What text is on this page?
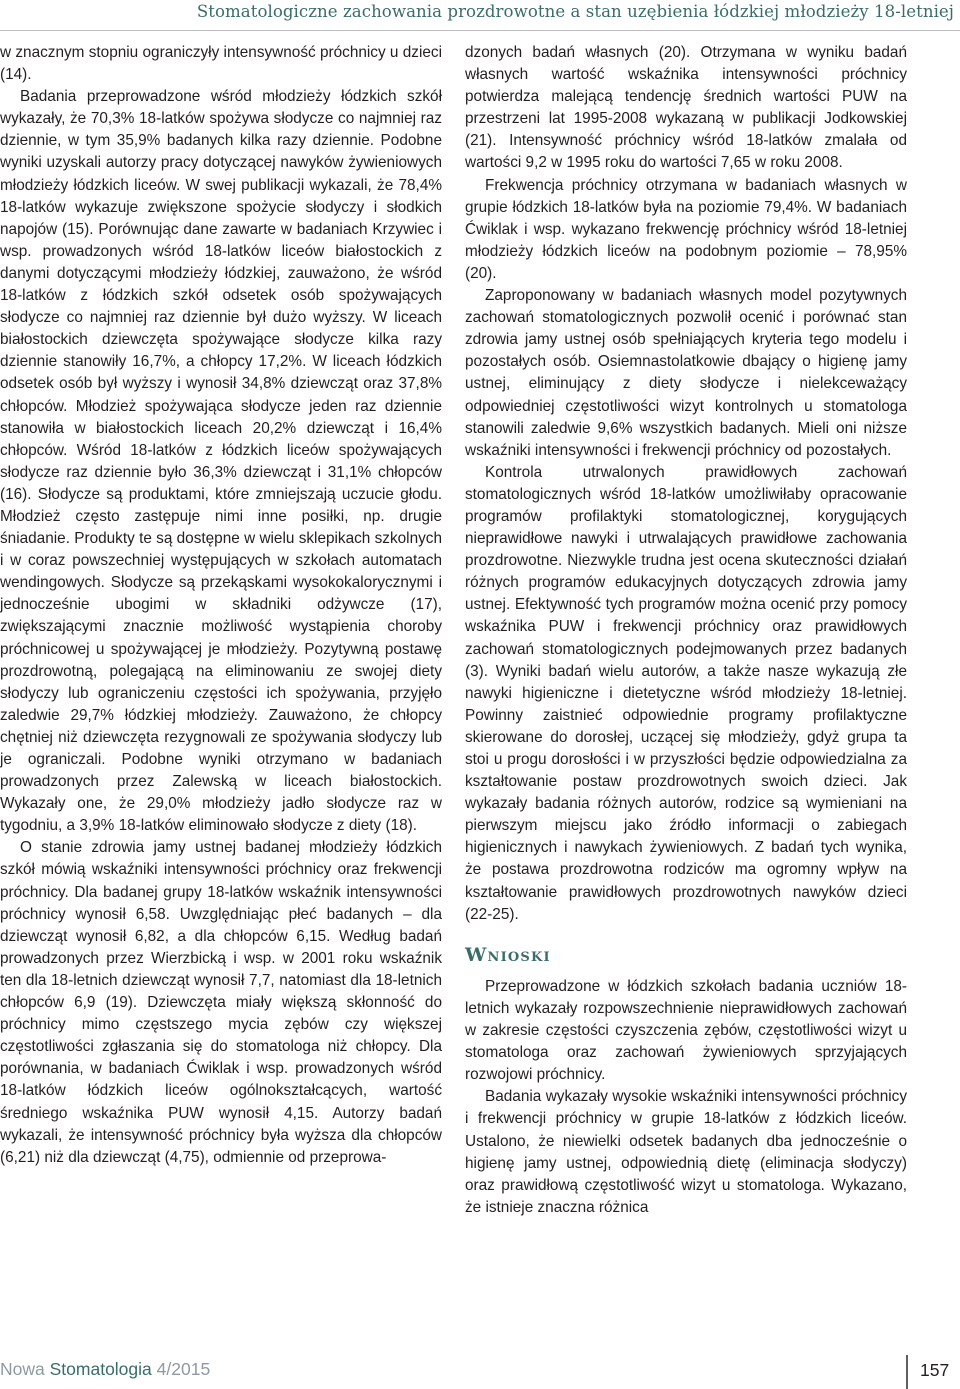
Stomatologiczne zachowania prozdrowotne a stan uzębienia łódzkiej młodzieży 18-letniej

w znacznym stopniu ograniczyły intensywność próchnicy u dzieci (14).

Badania przeprowadzone wśród młodzieży łódzkich szkół wykazały, że 70,3% 18-latków spożywa słodycze co najmniej raz dziennie, w tym 35,9% badanych kilka razy dziennie. Podobne wyniki uzyskali autorzy pracy dotyczącej nawyków żywieniowych młodzieży łódzkich liceów. W swej publikacji wykazali, że 78,4% 18-latków wykazuje zwiększone spożycie słodyczy i słodkich napojów (15). Porównując dane zawarte w badaniach Krzywiec i wsp. prowadzonych wśród 18-latków liceów białostockich z danymi dotyczącymi młodzieży łódzkiej, zauważono, że wśród 18-latków z łódzkich szkół odsetek osób spożywających słodycze co najmniej raz dziennie był dużo wyższy. W liceach białostockich dziewczęta spożywające słodycze kilka razy dziennie stanowiły 16,7%, a chłopcy 17,2%. W liceach łódzkich odsetek osób był wyższy i wynosił 34,8% dziewcząt oraz 37,8% chłopców. Młodzież spożywająca słodycze jeden raz dziennie stanowiła w białostockich liceach 20,2% dziewcząt i 16,4% chłopców. Wśród 18-latków z łódzkich liceów spożywających słodycze raz dziennie było 36,3% dziewcząt i 31,1% chłopców (16). Słodycze są produktami, które zmniejszają uczucie głodu. Młodzież często zastępuje nimi inne posiłki, np. drugie śniadanie. Produkty te są dostępne w wielu sklepikach szkolnych i w coraz powszechniej występujących w szkołach automatach wendingowych. Słodycze są przekąskami wysokokalorycznymi i jednocześnie ubogimi w składniki odżywcze (17), zwiększającymi znacznie możliwość wystąpienia choroby próchnicowej u spożywającej je młodzieży. Pozytywną postawę prozdrowotną, polegającą na eliminowaniu ze swojej diety słodyczy lub ograniczeniu częstości ich spożywania, przyjęło zaledwie 29,7% łódzkiej młodzieży. Zauważono, że chłopcy chętniej niż dziewczęta rezygnowali ze spożywania słodyczy lub je ograniczali. Podobne wyniki otrzymano w badaniach prowadzonych przez Zalewską w liceach białostockich. Wykazały one, że 29,0% młodzieży jadło słodycze raz w tygodniu, a 3,9% 18-latków eliminowało słodycze z diety (18).

O stanie zdrowia jamy ustnej badanej młodzieży łódzkich szkół mówią wskaźniki intensywności próchnicy oraz frekwencji próchnicy. Dla badanej grupy 18-latków wskaźnik intensywności próchnicy wynosił 6,58. Uwzględniając płeć badanych – dla dziewcząt wynosił 6,82, a dla chłopców 6,15. Według badań prowadzonych przez Wierzbicką i wsp. w 2001 roku wskaźnik ten dla 18-letnich dziewcząt wynosił 7,7, natomiast dla 18-letnich chłopców 6,9 (19). Dziewczęta miały większą skłonność do próchnicy mimo częstszego mycia zębów czy większej częstotliwości zgłaszania się do stomatologa niż chłopcy. Dla porównania, w badaniach Ćwiklak i wsp. prowadzonych wśród 18-latków łódzkich liceów ogólnokształcących, wartość średniego wskaźnika PUW wynosił 4,15. Autorzy badań wykazali, że intensywność próchnicy była wyższa dla chłopców (6,21) niż dla dziewcząt (4,75), odmiennie od przeprowa-

dzonych badań własnych (20). Otrzymana w wyniku badań własnych wartość wskaźnika intensywności próchnicy potwierdza malejącą tendencję średnich wartości PUW na przestrzeni lat 1995-2008 wykazaną w publikacji Jodkowskiej (21). Intensywność próchnicy wśród 18-latków zmalała od wartości 9,2 w 1995 roku do wartości 7,65 w roku 2008.

Frekwencja próchnicy otrzymana w badaniach własnych w grupie łódzkich 18-latków była na poziomie 79,4%. W badaniach Ćwiklak i wsp. wykazano frekwencję próchnicy wśród 18-letniej młodzieży łódzkich liceów na podobnym poziomie – 78,95% (20).

Zaproponowany w badaniach własnych model pozytywnych zachowań stomatologicznych pozwolił ocenić i porównać stan zdrowia jamy ustnej osób spełniających kryteria tego modelu i pozostałych osób. Osiemnastolatkowie dbający o higienę jamy ustnej, eliminujący z diety słodycze i nielekceważący odpowiedniej częstotliwości wizyt kontrolnych u stomatologa stanowili zaledwie 9,6% wszystkich badanych. Mieli oni niższe wskaźniki intensywności i frekwencji próchnicy od pozostałych.

Kontrola utrwalonych prawidłowych zachowań stomatologicznych wśród 18-latków umożliwiłaby opracowanie programów profilaktyki stomatologicznej, korygujących nieprawidłowe nawyki i utrwalających prawidłowe zachowania prozdrowotne. Niezwykle trudna jest ocena skuteczności działań różnych programów edukacyjnych dotyczących zdrowia jamy ustnej. Efektywność tych programów można ocenić przy pomocy wskaźnika PUW i frekwencji próchnicy oraz prawidłowych zachowań stomatologicznych podejmowanych przez badanych (3). Wyniki badań wielu autorów, a także nasze wykazują złe nawyki higieniczne i dietetyczne wśród młodzieży 18-letniej. Powinny zaistnieć odpowiednie programy profilaktyczne skierowane do dorosłej, uczącej się młodzieży, gdyż grupa ta stoi u progu dorosłości i w przyszłości będzie odpowiedzialna za kształtowanie postaw prozdrowotnych swoich dzieci. Jak wykazały badania różnych autorów, rodzice są wymieniani na pierwszym miejscu jako źródło informacji o zabiegach higienicznych i nawykach żywieniowych. Z badań tych wynika, że postawa prozdrowotna rodziców ma ogromny wpływ na kształtowanie prawidłowych prozdrowotnych nawyków dzieci (22-25).

Wnioski

Przeprowadzone w łódzkich szkołach badania uczniów 18-letnich wykazały rozpowszechnienie nieprawidłowych zachowań w zakresie częstości czyszczenia zębów, częstotliwości wizyt u stomatologa oraz zachowań żywieniowych sprzyjających rozwojowi próchnicy.

Badania wykazały wysokie wskaźniki intensywności próchnicy i frekwencji próchnicy w grupie 18-latków z łódzkich liceów. Ustalono, że niewielki odsetek badanych dba jednocześnie o higienę jamy ustnej, odpowiednią dietę (eliminacja słodyczy) oraz prawidłową częstotliwość wizyt u stomatologa. Wykazano, że istnieje znaczna różnica

Nowa Stomatologia 4/2015	157
